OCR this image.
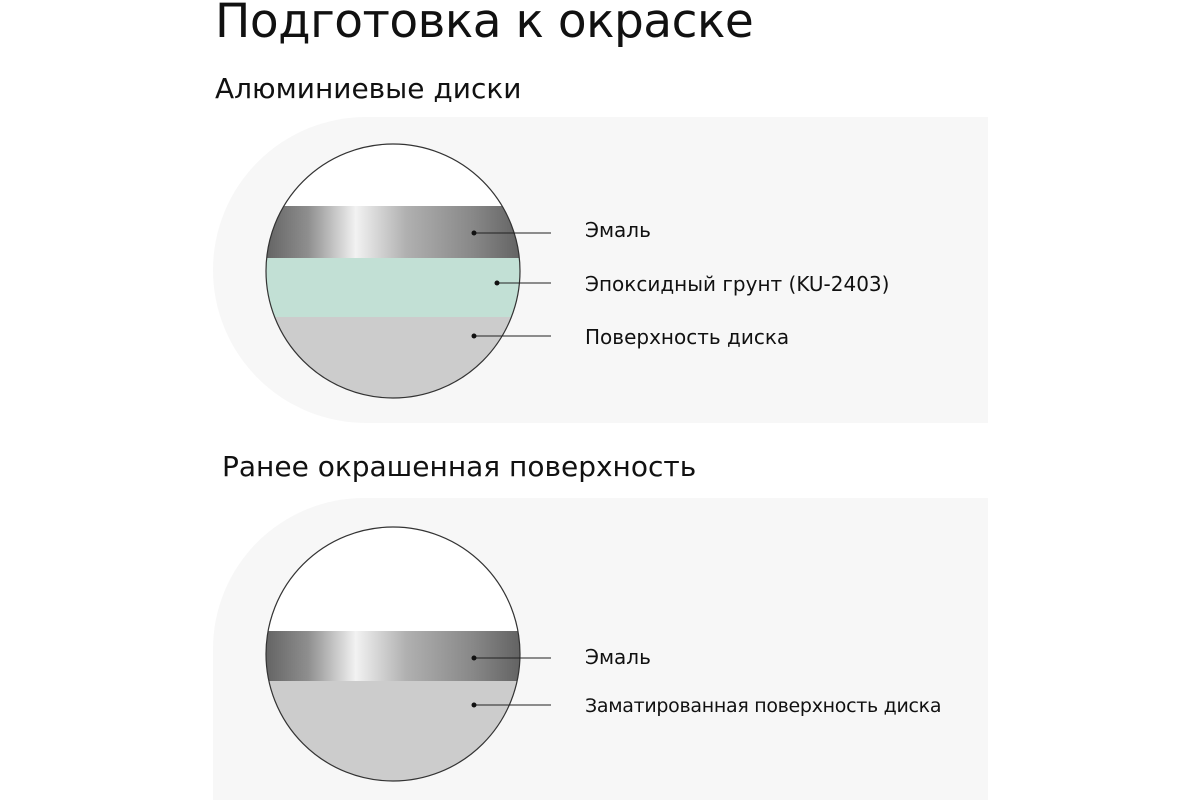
Подготовка к окраске
Алюминиевые диски
Ранее окрашенная поверхность
Эмаль
Эпоксидный грунт (KU-2403)
Поверхность диска
Эмаль
Заматированная поверхность диска
